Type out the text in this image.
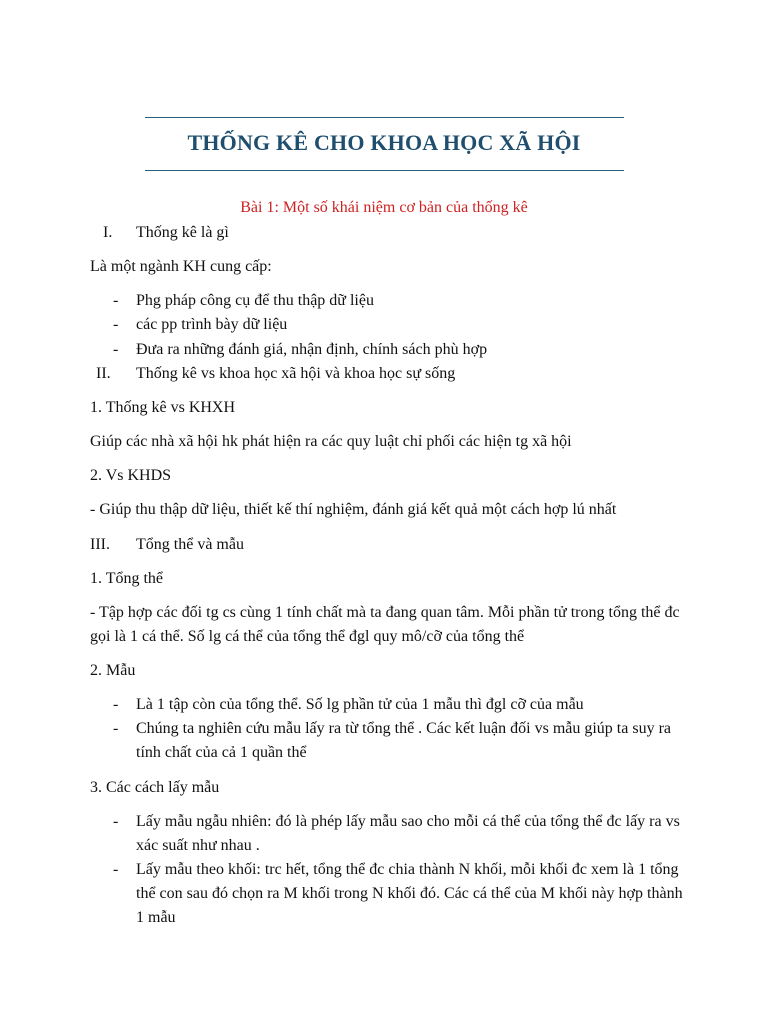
THỐNG KÊ CHO KHOA HỌC XÃ HỘI
Bài 1: Một số khái niệm cơ bản của thống kê
I. Thống kê là gì
Là một ngành KH cung cấp:
- Phg pháp công cụ để thu thập dữ liệu
- các pp trình bày dữ liệu
- Đưa ra những đánh giá, nhận định, chính sách phù hợp
II. Thống kê vs khoa học xã hội và khoa học sự sống
1. Thống kê vs KHXH
Giúp các nhà xã hội hk phát hiện ra các quy luật chỉ phối các hiện tg xã hội
2. Vs KHDS
- Giúp thu thập dữ liệu, thiết kế thí nghiệm, đánh giá kết quả một cách hợp lú nhất
III. Tổng thể và mẫu
1. Tổng thể
- Tập hợp các đối tg cs cùng 1 tính chất mà ta đang quan tâm. Mỗi phần tử trong tổng thể đc gọi là 1 cá thể. Số lg cá thể của tổng thể đgl quy mô/cỡ của tổng thể
2. Mẫu
- Là 1 tập còn của tổng thể. Số lg phần tử của 1 mẫu thì đgl cỡ của mẫu
- Chúng ta nghiên cứu mẫu lấy ra từ tổng thể . Các kết luận đối vs mẫu giúp ta suy ra tính chất của cả 1 quần thể
3. Các cách lấy mẫu
- Lấy mẫu ngẫu nhiên: đó là phép lấy mẫu sao cho mỗi cá thể của tổng thể đc lấy ra vs xác suất như nhau .
- Lấy mẫu theo khối: trc hết, tổng thể đc chia thành N khối, mỗi khối đc xem là 1 tổng thể con sau đó chọn ra M khối trong N khối đó. Các cá thể của M khối này hợp thành 1 mẫu
